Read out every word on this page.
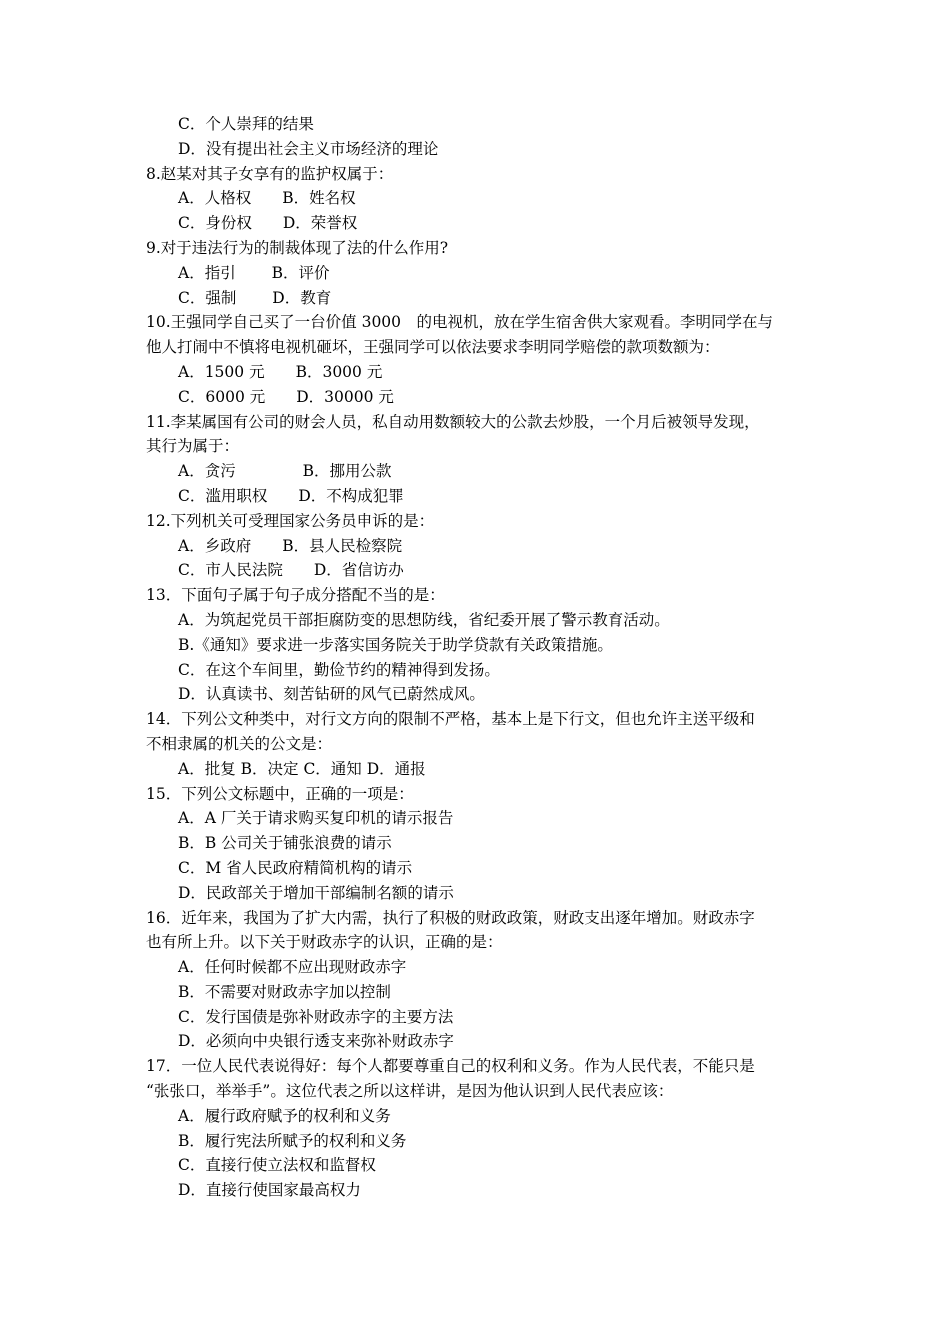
C．个人崇拜的结果
D．没有提出社会主义市场经济的理论
8.赵某对其子女享有的监护权属于：
A．人格权　　B．姓名权
C．身份权　　D．荣誉权
9.对于违法行为的制裁体现了法的什么作用?
A．指引　　 B．评价
C．强制　　 D．教育
10.王强同学自己买了一台价值 3000　的电视机，放在学生宿舍供大家观看。李明同学在与
他人打闹中不慎将电视机砸坏，王强同学可以依法要求李明同学赔偿的款项数额为：
A．1500 元　　B．3000 元
C．6000 元　　D．30000 元
11.李某属国有公司的财会人员，私自动用数额较大的公款去炒股，一个月后被领导发现，
其行为属于：
A．贪污　　　　 B．挪用公款
C．滥用职权　　D．不构成犯罪
12.下列机关可受理国家公务员申诉的是：
A．乡政府　　B．县人民检察院
C．市人民法院　　D．省信访办
13．下面句子属于句子成分搭配不当的是：
A．为筑起党员干部拒腐防变的思想防线，省纪委开展了警示教育活动。
B.《通知》要求进一步落实国务院关于助学贷款有关政策措施。
C．在这个车间里，勤俭节约的精神得到发扬。
D．认真读书、刻苦钻研的风气已蔚然成风。
14．下列公文种类中，对行文方向的限制不严格，基本上是下行文，但也允许主送平级和
不相隶属的机关的公文是：
A．批复 B．决定 C．通知 D．通报
15．下列公文标题中，正确的一项是：
A．A 厂关于请求购买复印机的请示报告
B．B 公司关于铺张浪费的请示
C．M 省人民政府精简机构的请示
D．民政部关于增加干部编制名额的请示
16．近年来，我国为了扩大内需，执行了积极的财政政策，财政支出逐年增加。财政赤字
也有所上升。以下关于财政赤字的认识，正确的是：
A．任何时候都不应出现财政赤字
B．不需要对财政赤字加以控制
C．发行国债是弥补财政赤字的主要方法
D．必须向中央银行透支来弥补财政赤字
17．一位人民代表说得好：每个人都要尊重自己的权利和义务。作为人民代表，不能只是
“张张口，举举手”。这位代表之所以这样讲，是因为他认识到人民代表应该：
A．履行政府赋予的权利和义务
B．履行宪法所赋予的权利和义务
C．直接行使立法权和监督权
D．直接行使国家最高权力
